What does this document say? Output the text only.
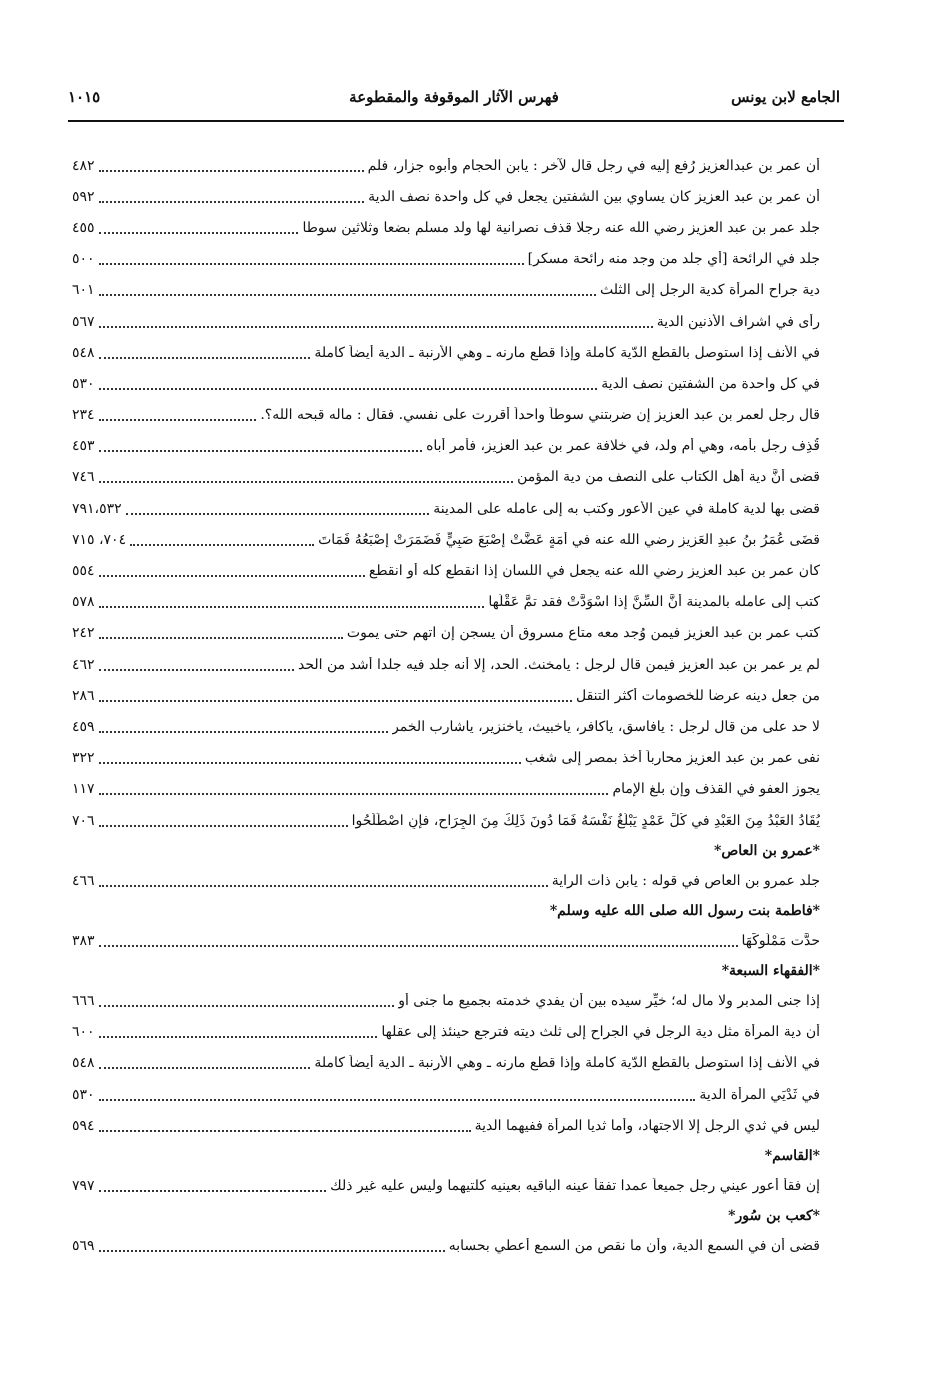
الجامع لابن يونس
فهرس الآثار الموقوفة والمقطوعة
١٠١٥
أن عمر بن عبدالعزيز رُفع إليه في رجل قال لآخر : يابن الحجام وأبوه جزار، فلم
٤٨٢
أن عمر بن عبد العزيز كان يساوي بين الشفتين يجعل في كل واحدة نصف الدية
٥٩٢
جلد عمر بن عبد العزيز رضي الله عنه رجلا قذف نصرانية لها ولد مسلم بضعا وثلاثين سوطا
٤٥٥
جلد في الرائحة [أي جلد من وجد منه رائحة مسكر]
٥٠٠
دية جراح المرأة كدية الرجل إلى الثلث
٦٠١
رأى في اشراف الأذنين الدية
٥٦٧
في الأنف إذا استوصل بالقطع الدّية كاملة وإذا قطع مارنه ـ وهي الأرنبة ـ الدية أيضاً كاملة
٥٤٨
في كل واحدة من الشفتين نصف الدية
٥٣٠
قال رجل لعمر بن عبد العزيز إن ضربتني سوطاً واحداً أقررت على نفسي. فقال : ماله قبحه الله؟.
٢٣٤
قُذِف رجل بأمه، وهي أم ولد، في خلافة عمر بن عبد العزيز، فأمر أباه
٤٥٣
قضى أنَّ دية أهل الكتاب على النصف من دية المؤمن
٧٤٦
قضى بها لدية كاملة في عين الأعور وكتب به إلى عامله على المدينة
٧٩١،٥٣٢
قضَى عُمَرُ بنُ عبدِ العَزيزِ رضي الله عنه في أَمَةٍ عَضَّتْ إصْبَعَ صَبِيٍّ فَضَمَرَتْ إصْبَعُهُ فَمَاتَ
٧٠٤، ٧١٥
كان عمر بن عبد العزيز رضي الله عنه يجعل في اللسان إذا انقطع كله أو انقطع
٥٥٤
كتب إلى عامله بالمدينة أنَّ السِّنَّ إذا اسْوَدَّتْ فقد تمَّ عَقْلُها
٥٧٨
كتب عمر بن عبد العزيز فيمن وُجد معه متاع مسروق أن يسجن إن اتهم حتى يموت
٢٤٢
لم ير عمر بن عبد العزيز فيمن قال لرجل : يامخنث. الحد، إلا أنه جلد فيه جلدا أشد من الحد
٤٦٢
من جعل دينه عرضا للخصومات أكثر التنقل
٢٨٦
لا حد على من قال لرجل : يافاسق، ياكافر، ياخبيث، ياخنزير، ياشارب الخمر
٤٥٩
نفى عمر بن عبد العزيز محارباً أخذ بمصر إلى شغب
٣٢٢
يجوز العفو في القذف وإن بلغ الإمام
١١٧
يُقَادُ العَبْدُ مِنَ العَبْدِ في كُلِّ عَمْدٍ يَبْلُغُ نَفْسَهُ فَمَا دُونَ ذَلِكَ مِنَ الجِرَاحِ، فإنِ اصْطَلَحُوا
٧٠٦
*عمرو بن العاص*
جلد عمرو بن العاص في قوله : يابن ذات الراية
٤٦٦
*فاطمة بنت رسول الله صلى الله عليه وسلم*
حدَّت مَمْلُوكَهَا
٣٨٣
*الفقهاء السبعة*
إذا جنى المدبر ولا مال له؛ خيِّر سيده بين أن يفدي خدمته بجميع ما جنى أو
٦٦٦
أن دية المرأة مثل دية الرجل في الجراح إلى ثلث ديته فترجع حينئذ إلى عقلها
٦٠٠
في الأنف إذا استوصل بالقطع الدّية كاملة وإذا قطع مارنه ـ وهي الأرنبة ـ الدية أيضاً كاملة
٥٤٨
في ثَدْيَي المرأة الدية
٥٣٠
ليس في ثدي الرجل إلا الاجتهاد، وأما ثديا المرأة ففيهما الدية
٥٩٤
*القاسم*
إن فقأ أعور عيني رجل جميعاً عمدا تفقأ عينه الباقيه بعينيه كلتيهما وليس عليه غير ذلك
٧٩٧
*كعب بن سُور*
قضى أن في السمع الدية، وأن ما نقص من السمع أعطي بحسابه
٥٦٩
